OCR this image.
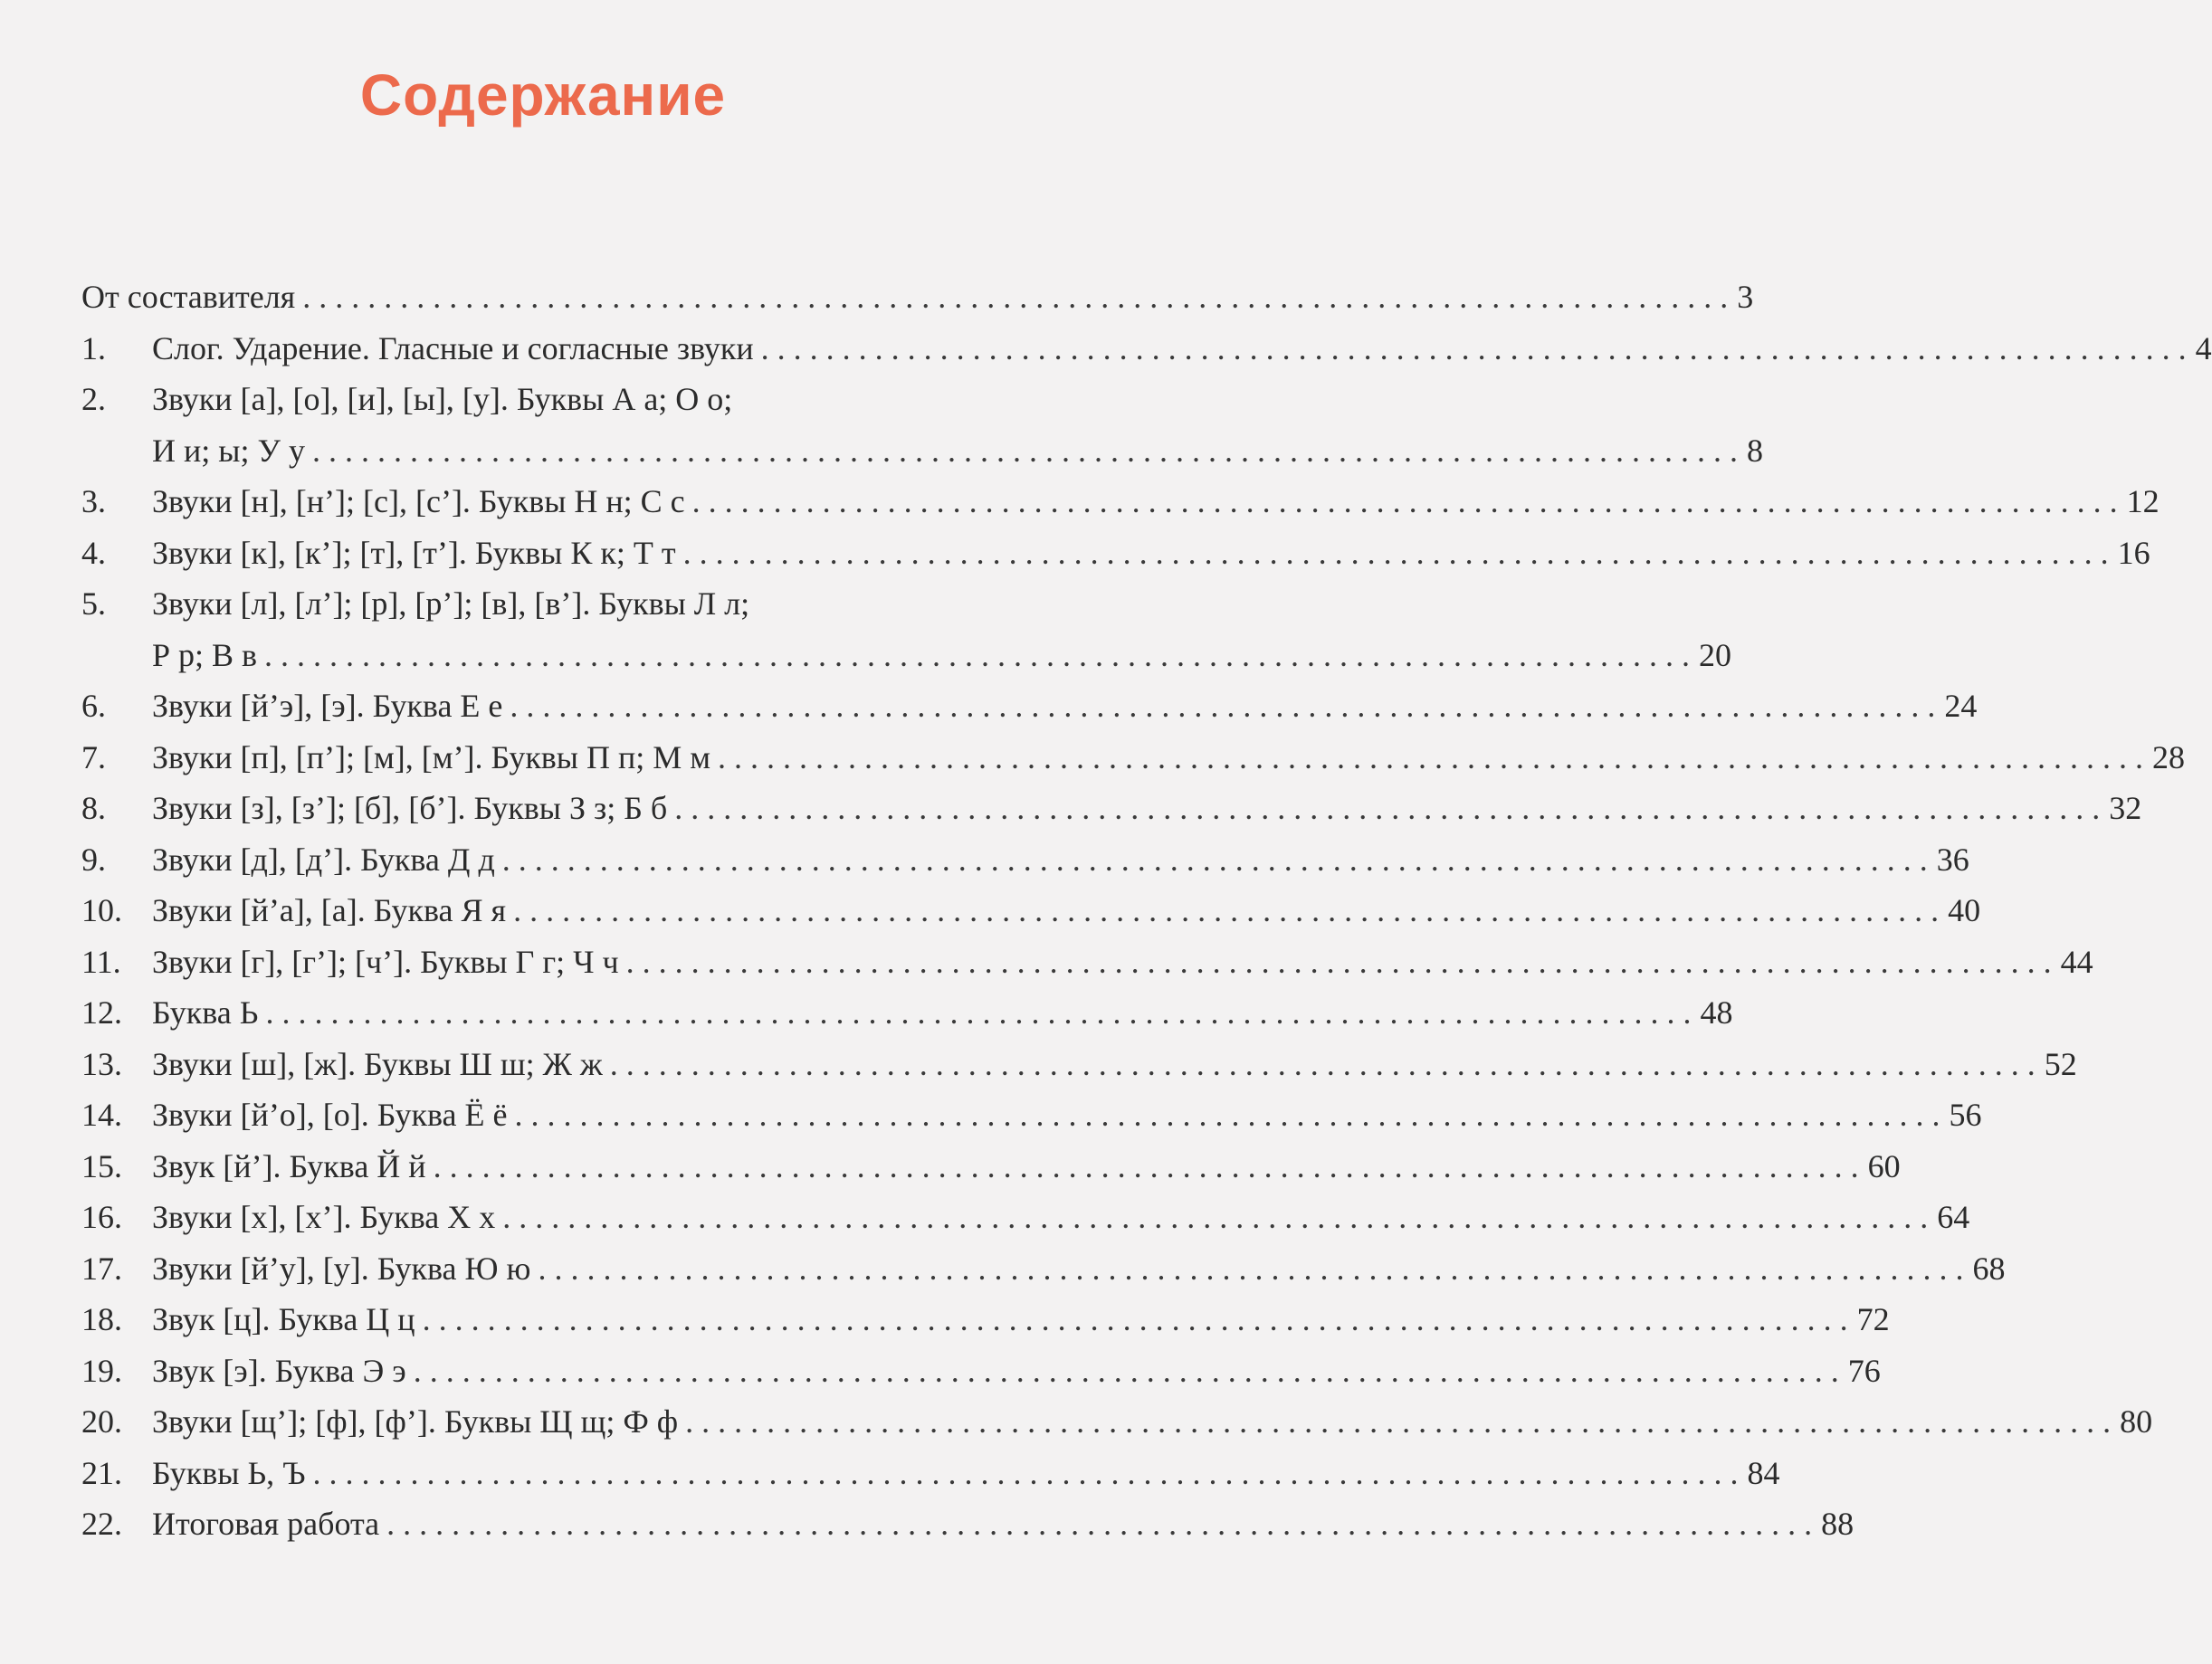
Содержание
От составителя . . .	3
1.	Слог. Ударение. Гласные и согласные звуки . . .	4
2.	Звуки [а], [о], [и], [ы], [у]. Буквы А а; О о;
И и; ы; У у . . .	8
3.	Звуки [н], [н’]; [с], [с’]. Буквы Н н; С с . . .	12
4.	Звуки [к], [к’]; [т], [т’]. Буквы К к; Т т . . .	16
5.	Звуки [л], [л’]; [р], [р’]; [в], [в’]. Буквы Л л;
Р р; В в . . .	20
6.	Звуки [й’э], [э]. Буква Е е . . .	24
7.	Звуки [п], [п’]; [м], [м’]. Буквы П п; М м . . .	28
8.	Звуки [з], [з’]; [б], [б’]. Буквы З з; Б б . . .	32
9.	Звуки [д], [д’]. Буква Д д . . .	36
10. Звуки [й’а], [а]. Буква Я я . . .	40
11. Звуки [г], [г’]; [ч’]. Буквы Г г; Ч ч . . .	44
12. Буква Ь . . .	48
13. Звуки [ш], [ж]. Буквы Ш ш; Ж ж . . .	52
14. Звуки [й’о], [о]. Буква Ё ё . . .	56
15. Звук [й’]. Буква Й й . . .	60
16. Звуки [х], [х’]. Буква Х х . . .	64
17. Звуки [й’у], [у]. Буква Ю ю . . .	68
18. Звук [ц]. Буква Ц ц . . .	72
19. Звук [э]. Буква Э э . . .	76
20. Звуки [щ’]; [ф], [ф’]. Буквы Щ щ; Ф ф . . .	80
21. Буквы Ь, Ъ . . .	84
22. Итоговая работа . . .	88
